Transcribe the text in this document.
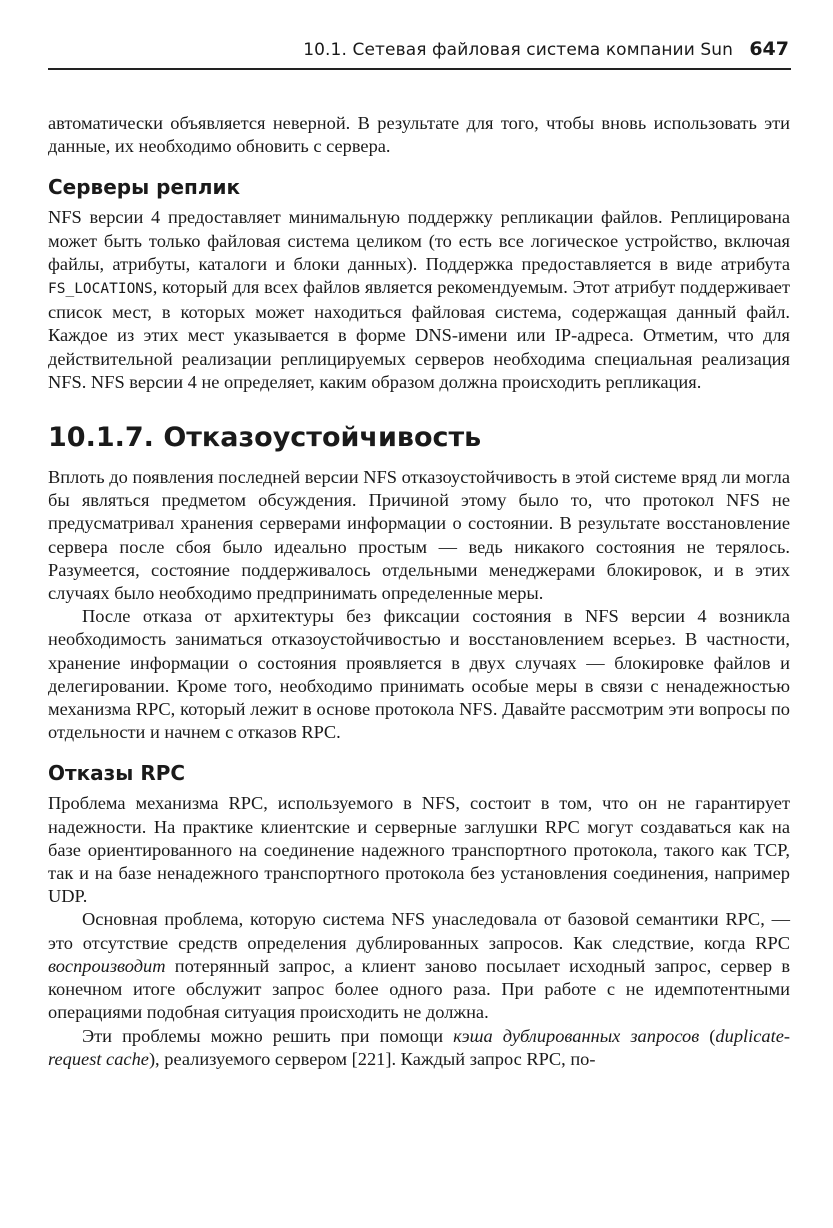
10.1. Сетевая файловая система компании Sun 647

автоматически объявляется неверной. В результате для того, чтобы вновь использовать эти данные, их необходимо обновить с сервера.

Серверы реплик

NFS версии 4 предоставляет минимальную поддержку репликации файлов. Реплицирована может быть только файловая система целиком (то есть все логическое устройство, включая файлы, атрибуты, каталоги и блоки данных). Поддержка предоставляется в виде атрибута FS_LOCATIONS, который для всех файлов является рекомендуемым. Этот атрибут поддерживает список мест, в которых может находиться файловая система, содержащая данный файл. Каждое из этих мест указывается в форме DNS-имени или IP-адреса. Отметим, что для действительной реализации реплицируемых серверов необходима специальная реализация NFS. NFS версии 4 не определяет, каким образом должна происходить репликация.

10.1.7. Отказоустойчивость

Вплоть до появления последней версии NFS отказоустойчивость в этой системе вряд ли могла бы являться предметом обсуждения. Причиной этому было то, что протокол NFS не предусматривал хранения серверами информации о состоянии. В результате восстановление сервера после сбоя было идеально простым — ведь никакого состояния не терялось. Разумеется, состояние поддерживалось отдельными менеджерами блокировок, и в этих случаях было необходимо предпринимать определенные меры.

После отказа от архитектуры без фиксации состояния в NFS версии 4 возникла необходимость заниматься отказоустойчивостью и восстановлением всерьез. В частности, хранение информации о состояния проявляется в двух случаях — блокировке файлов и делегировании. Кроме того, необходимо принимать особые меры в связи с ненадежностью механизма RPC, который лежит в основе протокола NFS. Давайте рассмотрим эти вопросы по отдельности и начнем с отказов RPC.

Отказы RPC

Проблема механизма RPC, используемого в NFS, состоит в том, что он не гарантирует надежности. На практике клиентские и серверные заглушки RPC могут создаваться как на базе ориентированного на соединение надежного транспортного протокола, такого как TCP, так и на базе ненадежного транспортного протокола без установления соединения, например UDP.

Основная проблема, которую система NFS унаследовала от базовой семантики RPC, — это отсутствие средств определения дублированных запросов. Как следствие, когда RPC воспроизводит потерянный запрос, а клиент заново посылает исходный запрос, сервер в конечном итоге обслужит запрос более одного раза. При работе с не идемпотентными операциями подобная ситуация происходить не должна.

Эти проблемы можно решить при помощи кэша дублированных запросов (duplicate-request cache), реализуемого сервером [221]. Каждый запрос RPC, по-
